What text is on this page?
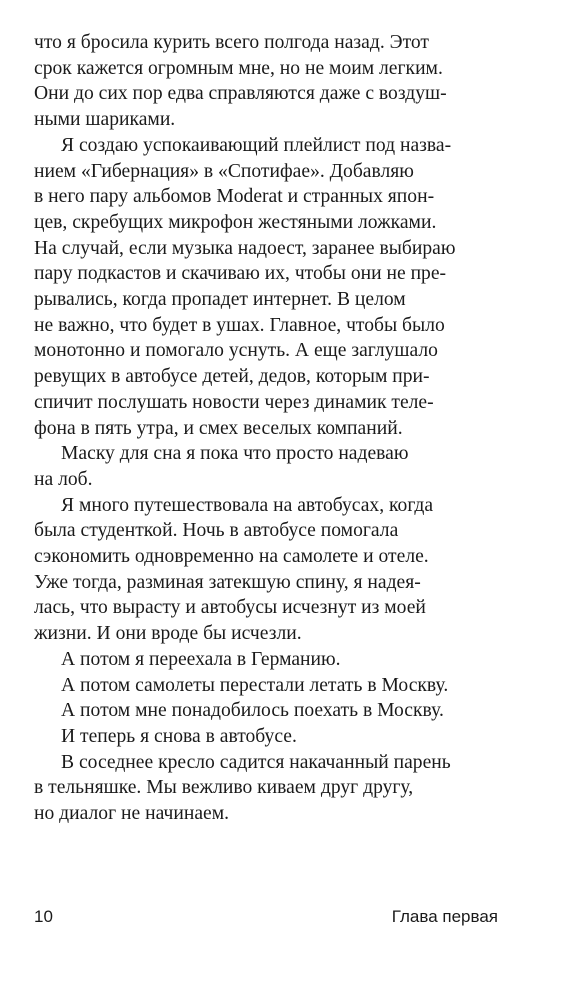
что я бросила курить всего полгода назад. Этот
срок кажется огромным мне, но не моим легким.
Они до сих пор едва справляются даже с воздуш-
ными шариками.
Я создаю успокаивающий плейлист под назва-
нием «Гибернация» в «Спотифае». Добавляю
в него пару альбомов Moderat и странных япон-
цев, скребущих микрофон жестяными ложками.
На случай, если музыка надоест, заранее выбираю
пару подкастов и скачиваю их, чтобы они не пре-
рывались, когда пропадет интернет. В целом
не важно, что будет в ушах. Главное, чтобы было
монотонно и помогало уснуть. А еще заглушало
ревущих в автобусе детей, дедов, которым при-
спичит послушать новости через динамик теле-
фона в пять утра, и смех веселых компаний.
Маску для сна я пока что просто надеваю
на лоб.
Я много путешествовала на автобусах, когда
была студенткой. Ночь в автобусе помогала
сэкономить одновременно на самолете и отеле.
Уже тогда, разминая затекшую спину, я надея-
лась, что вырасту и автобусы исчезнут из моей
жизни. И они вроде бы исчезли.
А потом я переехала в Германию.
А потом самолеты перестали летать в Москву.
А потом мне понадобилось поехать в Москву.
И теперь я снова в автобусе.
В соседнее кресло садится накачанный парень
в тельняшке. Мы вежливо киваем друг другу,
но диалог не начинаем.
10	Глава первая
